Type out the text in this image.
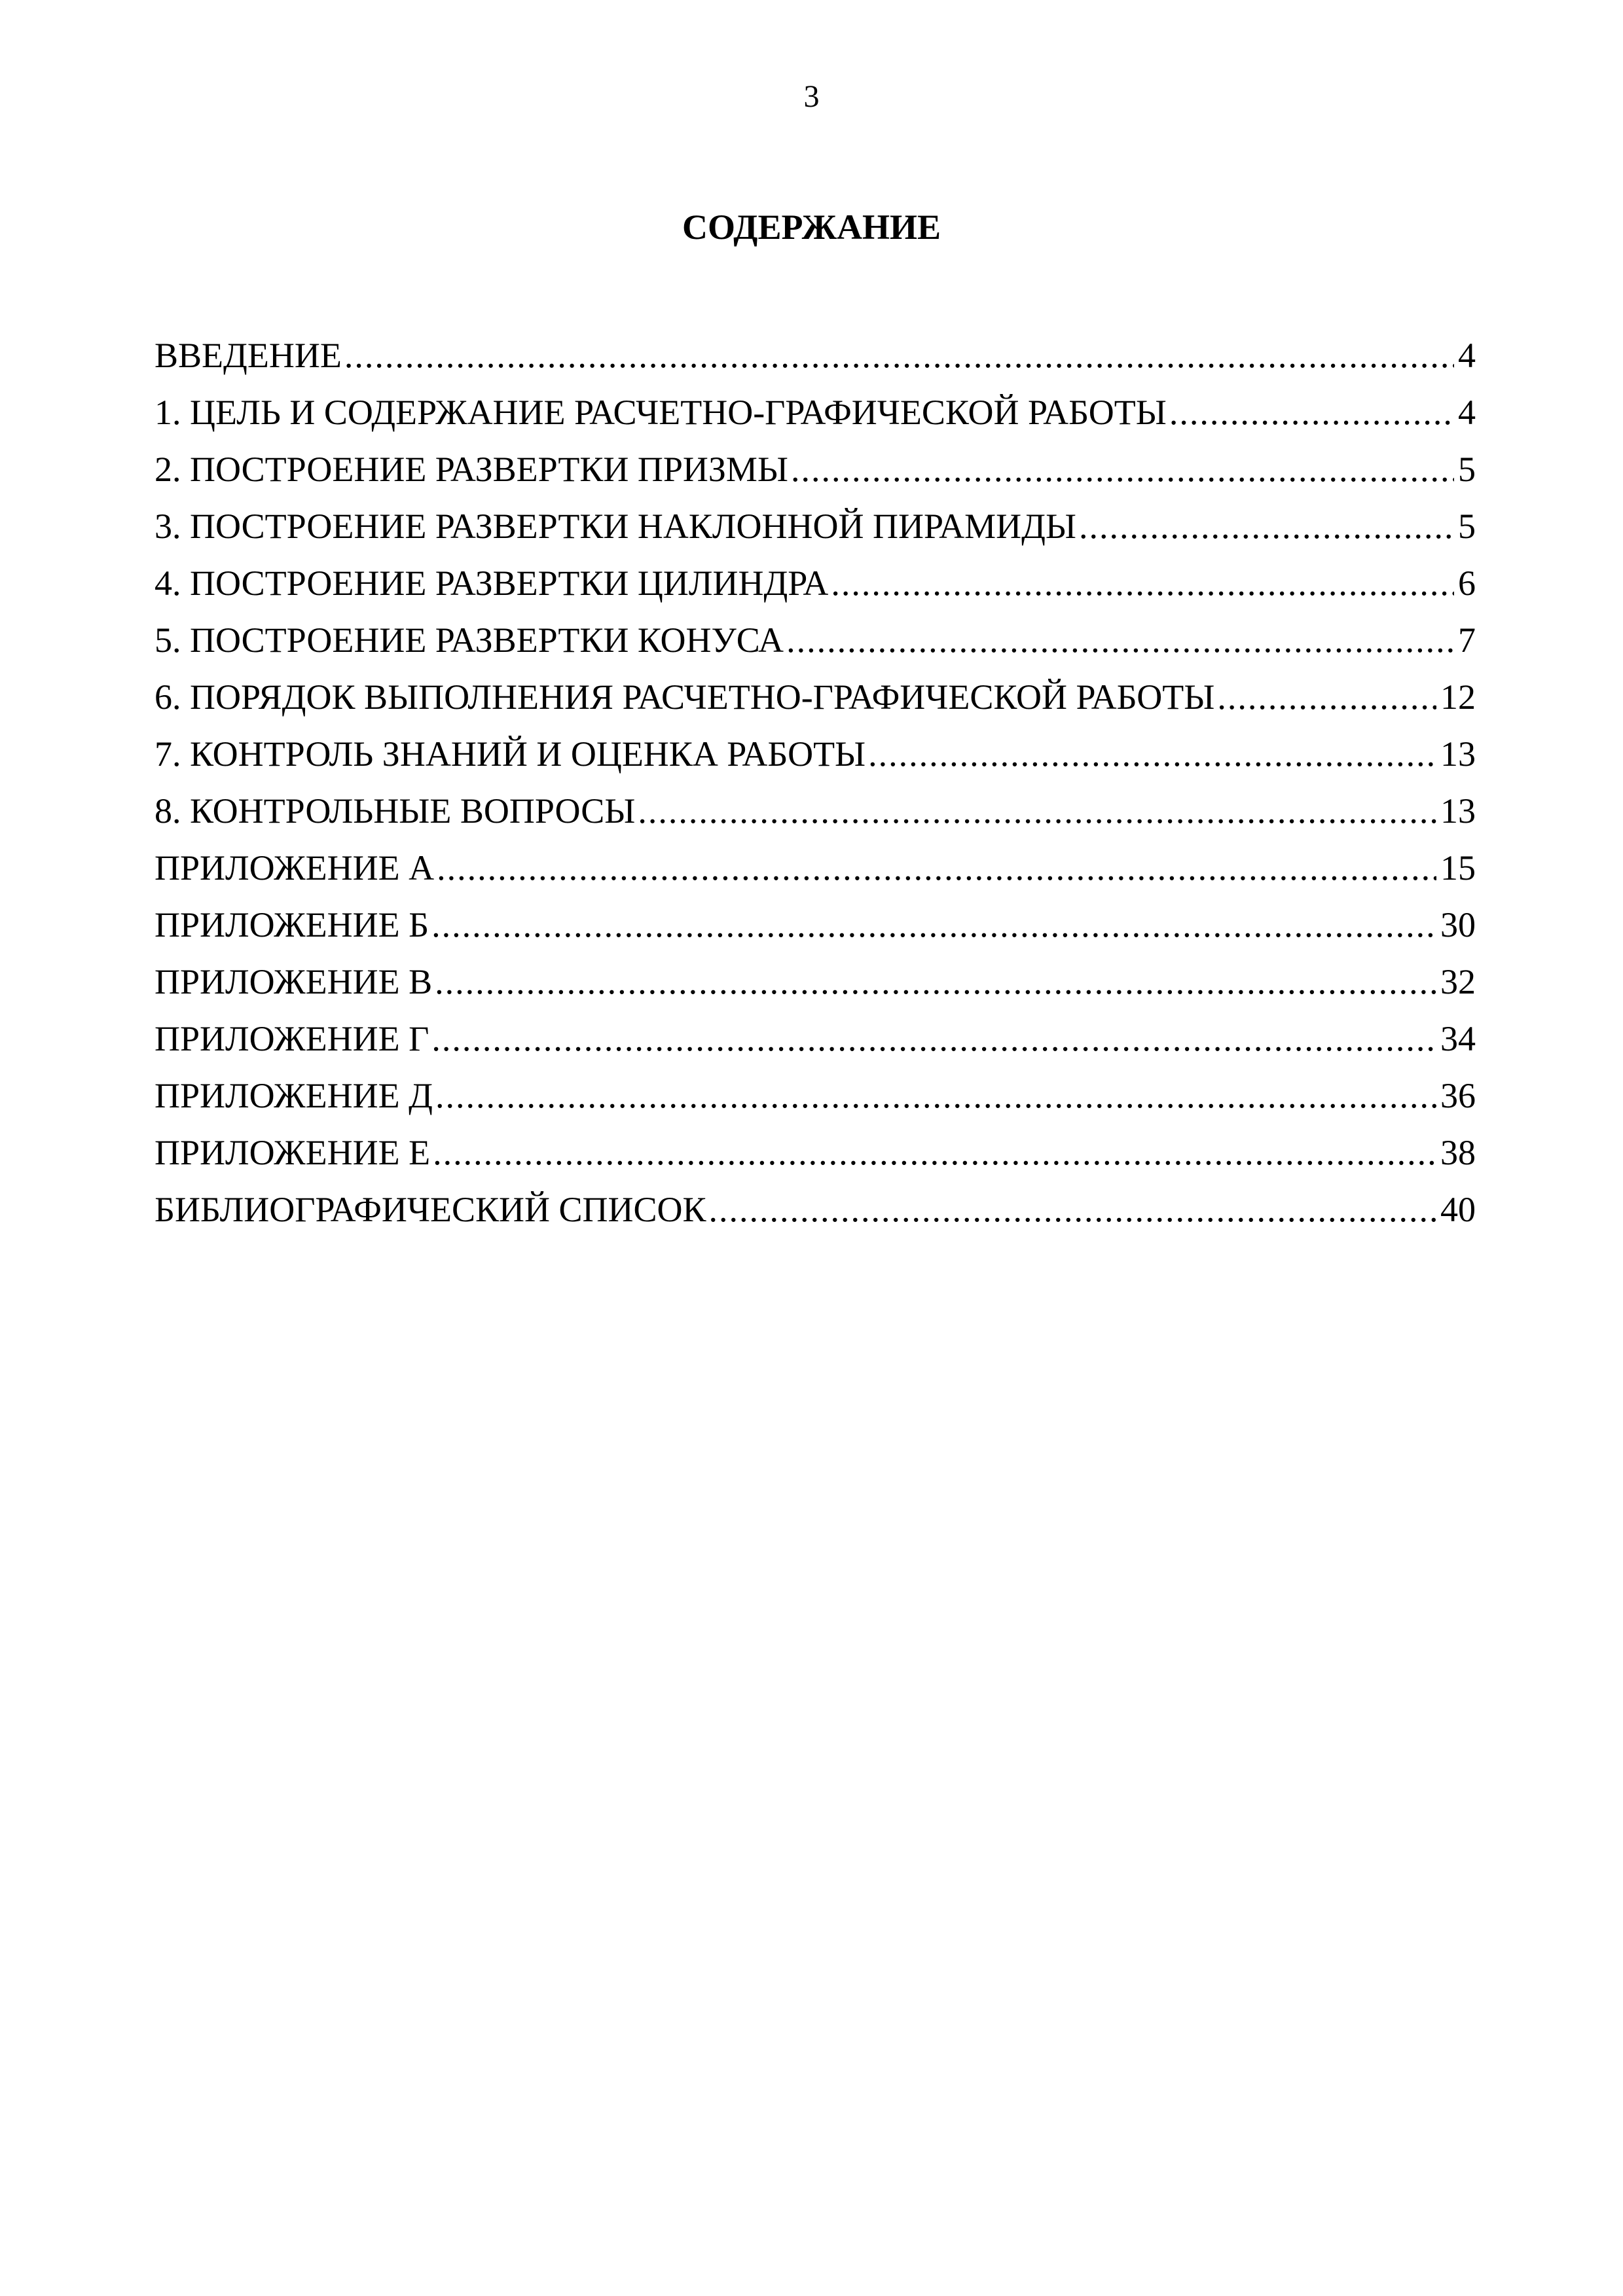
3
СОДЕРЖАНИЕ
ВВЕДЕНИЕ .....	4
1. ЦЕЛЬ И СОДЕРЖАНИЕ РАСЧЕТНО-ГРАФИЧЕСКОЙ РАБОТЫ .....	4
2. ПОСТРОЕНИЕ РАЗВЕРТКИ ПРИЗМЫ .....	5
3. ПОСТРОЕНИЕ РАЗВЕРТКИ НАКЛОННОЙ ПИРАМИДЫ .....	5
4. ПОСТРОЕНИЕ РАЗВЕРТКИ ЦИЛИНДРА .....	6
5. ПОСТРОЕНИЕ РАЗВЕРТКИ КОНУСА .....	7
6. ПОРЯДОК ВЫПОЛНЕНИЯ РАСЧЕТНО-ГРАФИЧЕСКОЙ РАБОТЫ .....	12
7. КОНТРОЛЬ ЗНАНИЙ И ОЦЕНКА РАБОТЫ .....	13
8. КОНТРОЛЬНЫЕ ВОПРОСЫ .....	13
ПРИЛОЖЕНИЕ А .....	15
ПРИЛОЖЕНИЕ Б .....	30
ПРИЛОЖЕНИЕ В .....	32
ПРИЛОЖЕНИЕ Г .....	34
ПРИЛОЖЕНИЕ Д .....	36
ПРИЛОЖЕНИЕ Е .....	38
БИБЛИОГРАФИЧЕСКИЙ СПИСОК .....	40
